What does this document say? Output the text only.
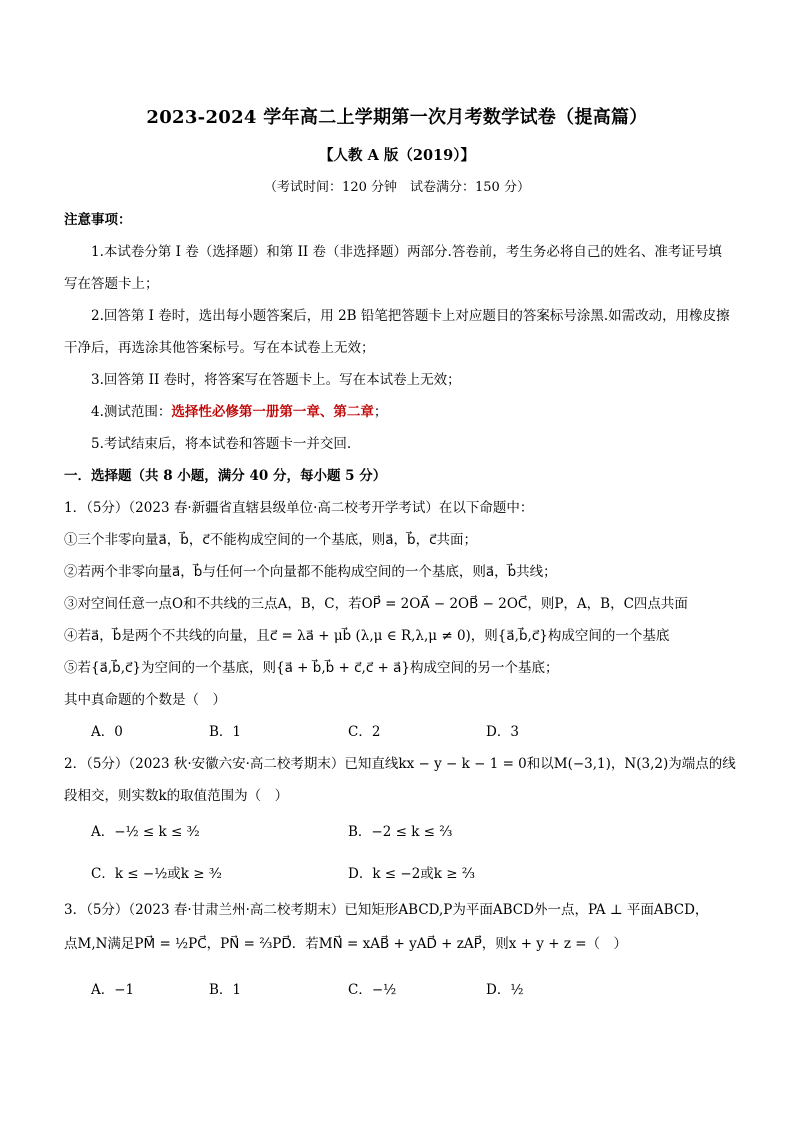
2023-2024 学年高二上学期第一次月考数学试卷（提高篇）
【人教 A 版（2019）】
（考试时间：120 分钟　试卷满分：150 分）
注意事项：
1.本试卷分第 I 卷（选择题）和第 II 卷（非选择题）两部分.答卷前，考生务必将自己的姓名、准考证号填
写在答题卡上；
2.回答第 I 卷时，选出每小题答案后，用 2B 铅笔把答题卡上对应题目的答案标号涂黑.如需改动，用橡皮擦
干净后，再选涂其他答案标号。写在本试卷上无效；
3.回答第 II 卷时，将答案写在答题卡上。写在本试卷上无效；
4.测试范围：选择性必修第一册第一章、第二章；
5.考试结束后，将本试卷和答题卡一并交回.
一．选择题（共 8 小题，满分 40 分，每小题 5 分）
1．（5分）（2023 春·新疆省直辖县级单位·高二校考开学考试）在以下命题中：
①三个非零向量a⃗，b⃗，c⃗不能构成空间的一个基底，则a⃗，b⃗，c⃗共面；
②若两个非零向量a⃗，b⃗与任何一个向量都不能构成空间的一个基底，则a⃗，b⃗共线；
③对空间任意一点O和不共线的三点A，B，C，若OP⃗ = 2OA⃗ − 2OB⃗ − 2OC⃗，则P，A，B，C四点共面
④若a⃗，b⃗是两个不共线的向量，且c⃗ = λa⃗ + μb⃗ (λ,μ ∈ R,λ,μ ≠ 0)，则{a⃗,b⃗,c⃗}构成空间的一个基底
⑤若{a⃗,b⃗,c⃗}为空间的一个基底，则{a⃗ + b⃗,b⃗ + c⃗,c⃗ + a⃗}构成空间的另一个基底；
其中真命题的个数是（　）
A．0	B．1	C．2	D．3
2．（5分）（2023 秋·安徽六安·高二校考期末）已知直线kx − y − k − 1 = 0和以M(−3,1)，N(3,2)为端点的线
段相交，则实数k的取值范围为（　）
A．−½ ≤ k ≤ ³⁄₂	B．−2 ≤ k ≤ ⅔
C．k ≤ −½或k ≥ ³⁄₂	D．k ≤ −2或k ≥ ⅔
3．（5分）（2023 春·甘肃兰州·高二校考期末）已知矩形ABCD,P为平面ABCD外一点，PA ⊥ 平面ABCD，
点M,N满足PM⃗ = ½PC⃗，PN⃗ = ⅔PD⃗．若MN⃗ = xAB⃗ + yAD⃗ + zAP⃗，则x + y + z =（　）
A．−1	B．1	C．−½	D．½
